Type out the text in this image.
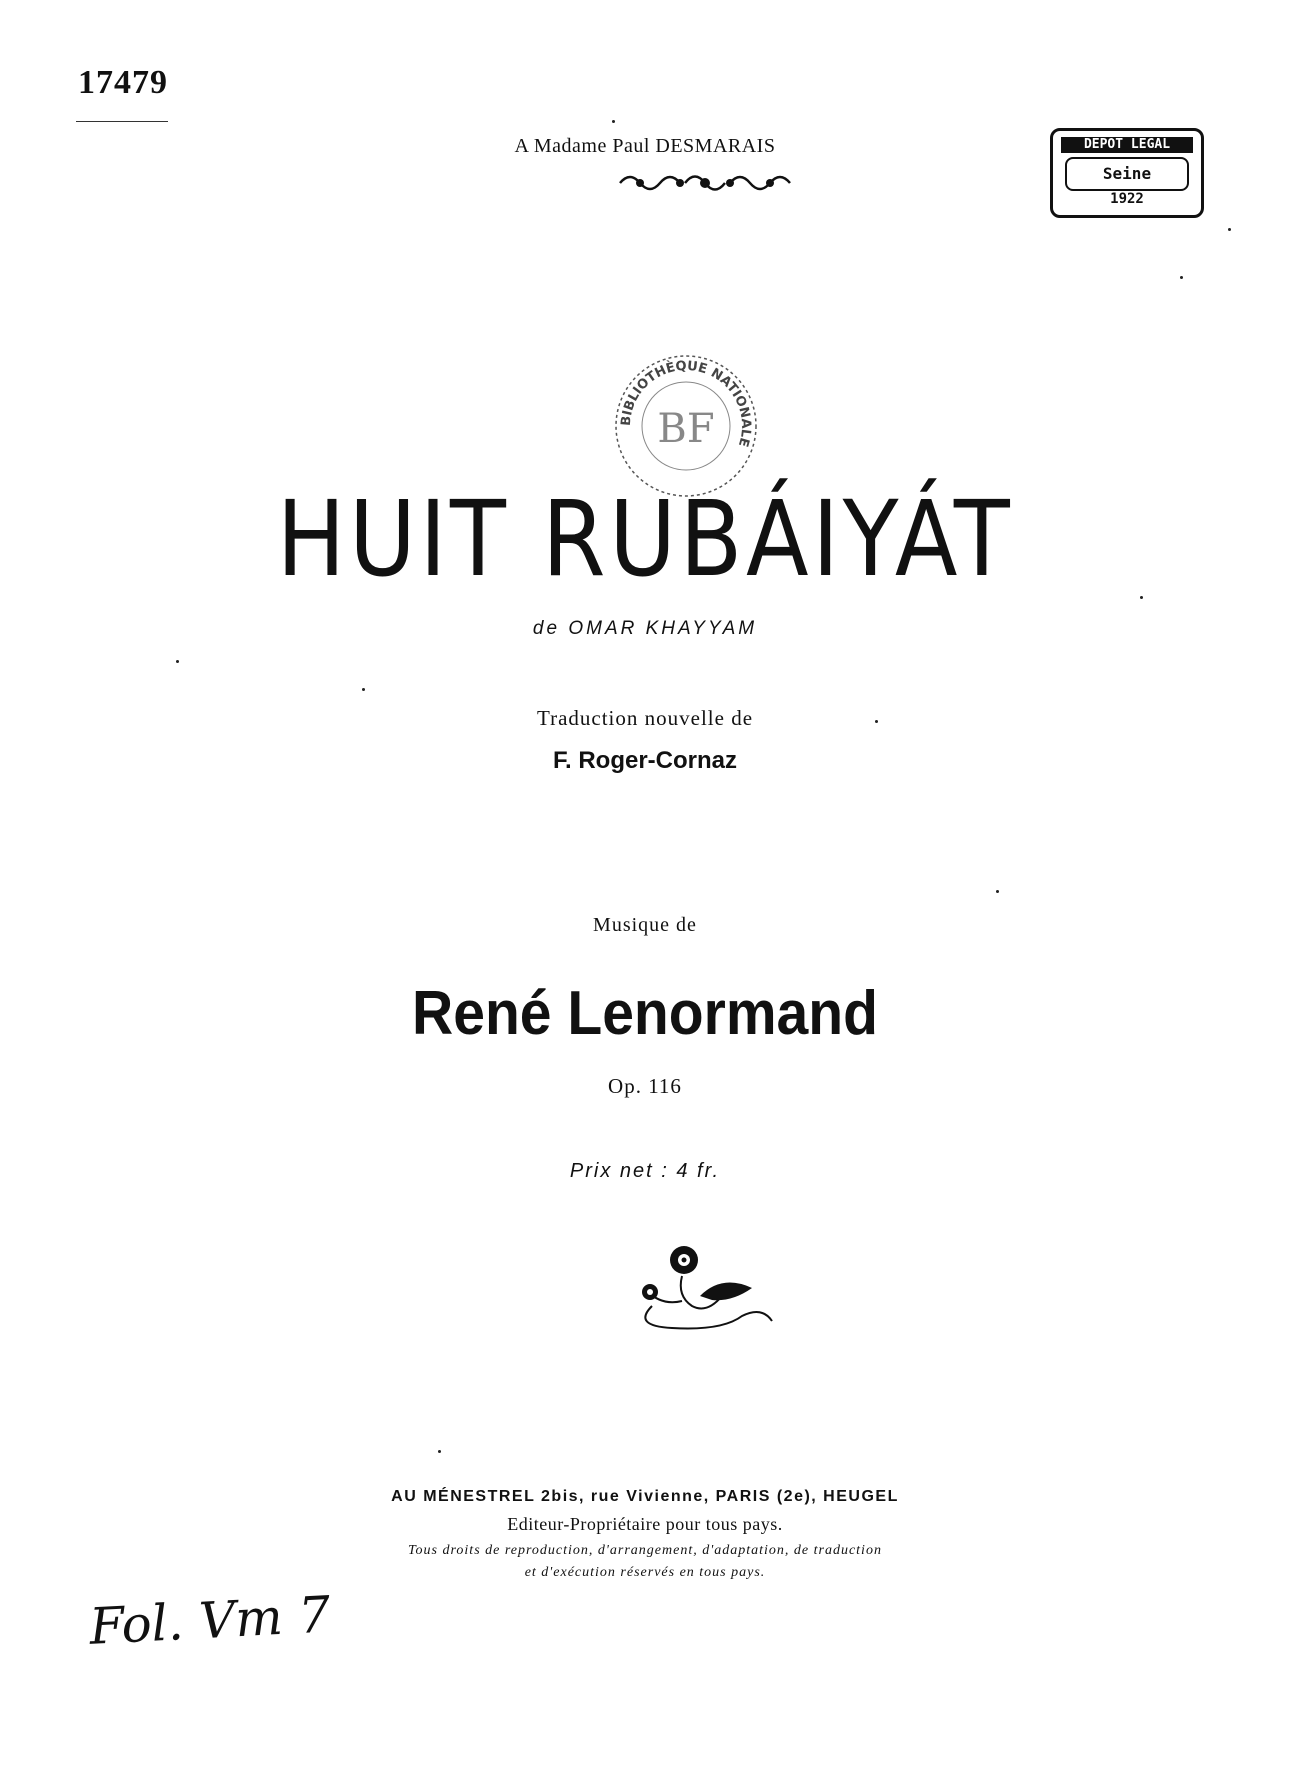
17479
A Madame Paul DESMARAIS	DEPOT LEGAL
Seine
1922
BIBLIOTHÈQUE NATIONALE
BF
HUIT RUBÁIYÁT
de OMAR KHAYYAM
Traduction nouvelle de
F. Roger-Cornaz
Musique de
René Lenormand
Op. 116
Prix net : 4 fr.
AU MÉNESTREL 2bis, rue Vivienne, PARIS (2e), HEUGEL
Editeur-Propriétaire pour tous pays.
Tous droits de reproduction, d'arrangement, d'adaptation, de traduction
et d'exécution réservés en tous pays.
Fol. Vm 7
